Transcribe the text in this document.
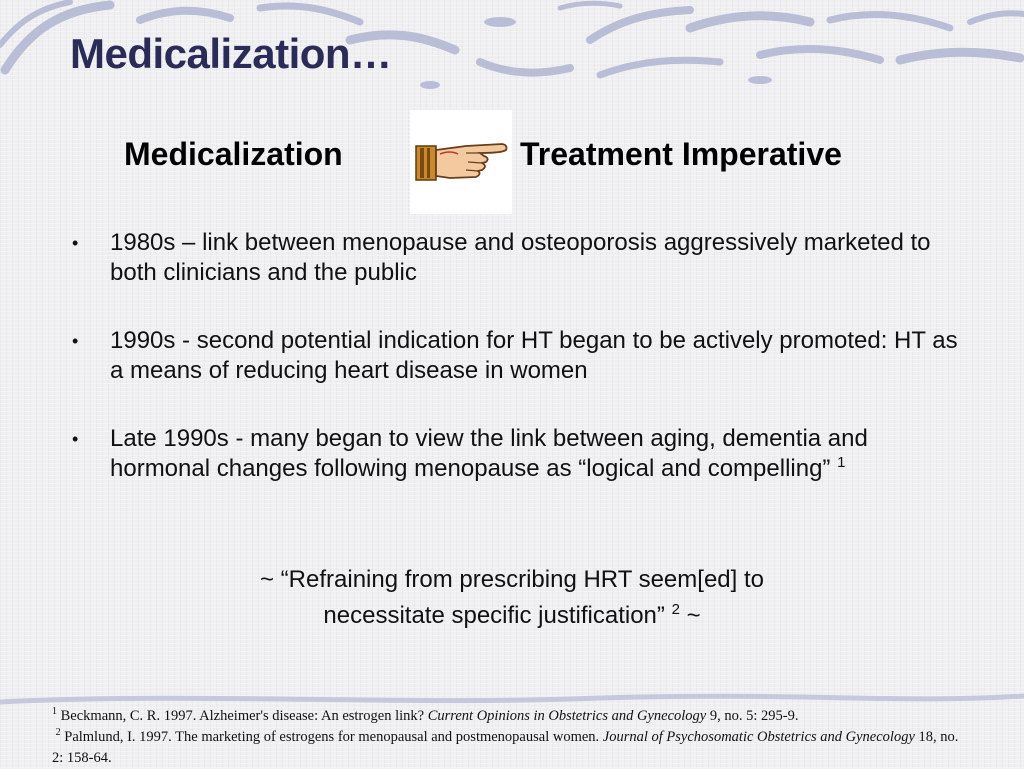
Medicalization…
Medicalization	Treatment Imperative
• 1980s – link between menopause and osteoporosis aggressively marketed to both clinicians and the public
• 1990s - second potential indication for HT began to be actively promoted: HT as a means of reducing heart disease in women
• Late 1990s - many began to view the link between aging, dementia and hormonal changes following menopause as “logical and compelling” $^1$
~ “Refraining from prescribing HRT seem[ed] to
necessitate specific justification” $^2$ ~

$^1$ Beckmann, C. R. 1997. Alzheimer's disease: An estrogen link? Current Opinions in Obstetrics and Gynecology 9, no. 5: 295-9.

$^2$ Palmlund, I. 1997. The marketing of estrogens for menopausal and postmenopausal women. Journal of Psychosomatic Obstetrics and Gynecology 18, no. 2: 158-64.
